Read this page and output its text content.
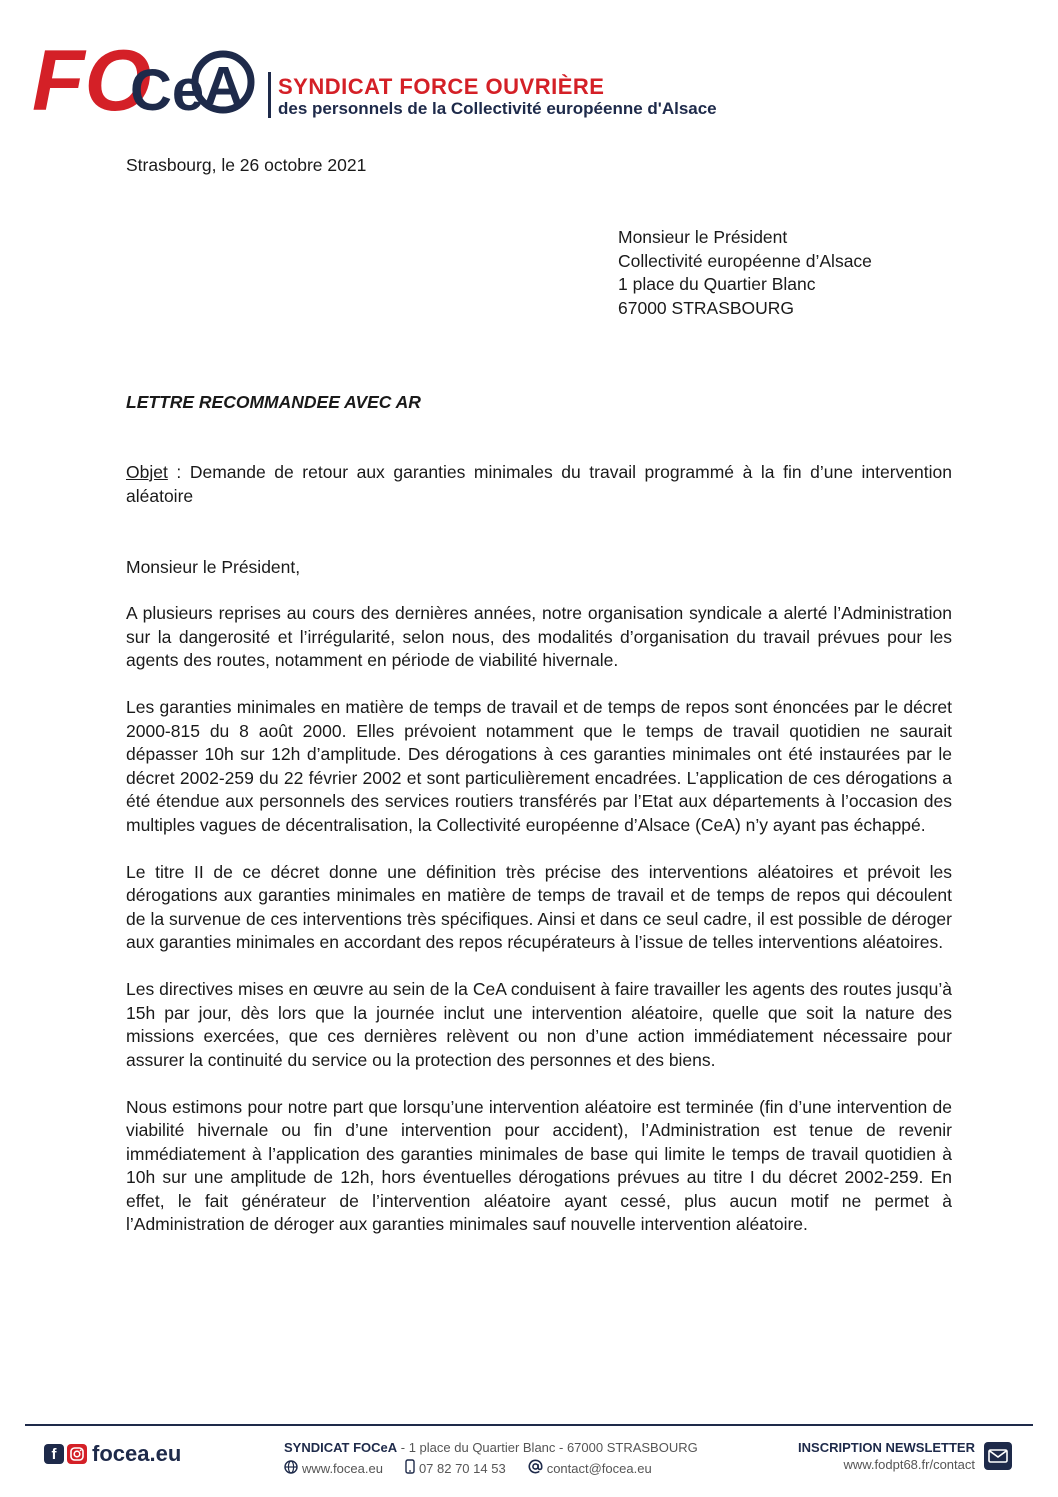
FO
Ce A SYNDICAT FORCE OUVRIÈRE
des personnels de la Collectivité européenne d'Alsace
Strasbourg, le 26 octobre 2021
Monsieur le Président
Collectivité européenne d’Alsace
1 place du Quartier Blanc
67000 STRASBOURG
LETTRE RECOMMANDEE AVEC AR
Objet : Demande de retour aux garanties minimales du travail programmé à la fin d’une intervention aléatoire
Monsieur le Président,

A plusieurs reprises au cours des dernières années, notre organisation syndicale a alerté l’Administration sur la dangerosité et l’irrégularité, selon nous, des modalités d’organisation du travail prévues pour les agents des routes, notamment en période de viabilité hivernale.

Les garanties minimales en matière de temps de travail et de temps de repos sont énoncées par le décret 2000-815 du 8 août 2000. Elles prévoient notamment que le temps de travail quotidien ne saurait dépasser 10h sur 12h d’amplitude. Des dérogations à ces garanties minimales ont été instaurées par le décret 2002-259 du 22 février 2002 et sont particulièrement encadrées. L’application de ces dérogations a été étendue aux personnels des services routiers transférés par l’Etat aux départements à l’occasion des multiples vagues de décentralisation, la Collectivité européenne d’Alsace (CeA) n’y ayant pas échappé.

Le titre II de ce décret donne une définition très précise des interventions aléatoires et prévoit les dérogations aux garanties minimales en matière de temps de travail et de temps de repos qui découlent de la survenue de ces interventions très spécifiques. Ainsi et dans ce seul cadre, il est possible de déroger aux garanties minimales en accordant des repos récupérateurs à l’issue de telles interventions aléatoires.

Les directives mises en œuvre au sein de la CeA conduisent à faire travailler les agents des routes jusqu’à 15h par jour, dès lors que la journée inclut une intervention aléatoire, quelle que soit la nature des missions exercées, que ces dernières relèvent ou non d’une action immédiatement nécessaire pour assurer la continuité du service ou la protection des personnes et des biens.

Nous estimons pour notre part que lorsqu’une intervention aléatoire est terminée (fin d’une intervention de viabilité hivernale ou fin d’une intervention pour accident), l’Administration est tenue de revenir immédiatement à l’application des garanties minimales de base qui limite le temps de travail quotidien à 10h sur une amplitude de 12h, hors éventuelles dérogations prévues au titre I du décret 2002-259. En effet, le fait générateur de l’intervention aléatoire ayant cessé, plus aucun motif ne permet à l’Administration de déroger aux garanties minimales sauf nouvelle intervention aléatoire.

f	focea.eu	SYNDICAT FOCeA - 1 place du Quartier Blanc - 67000 STRASBOURG
www.focea.eu	07 82 70 14 53	contact@focea.eu
INSCRIPTION NEWSLETTER
www.fodpt68.fr/contact
